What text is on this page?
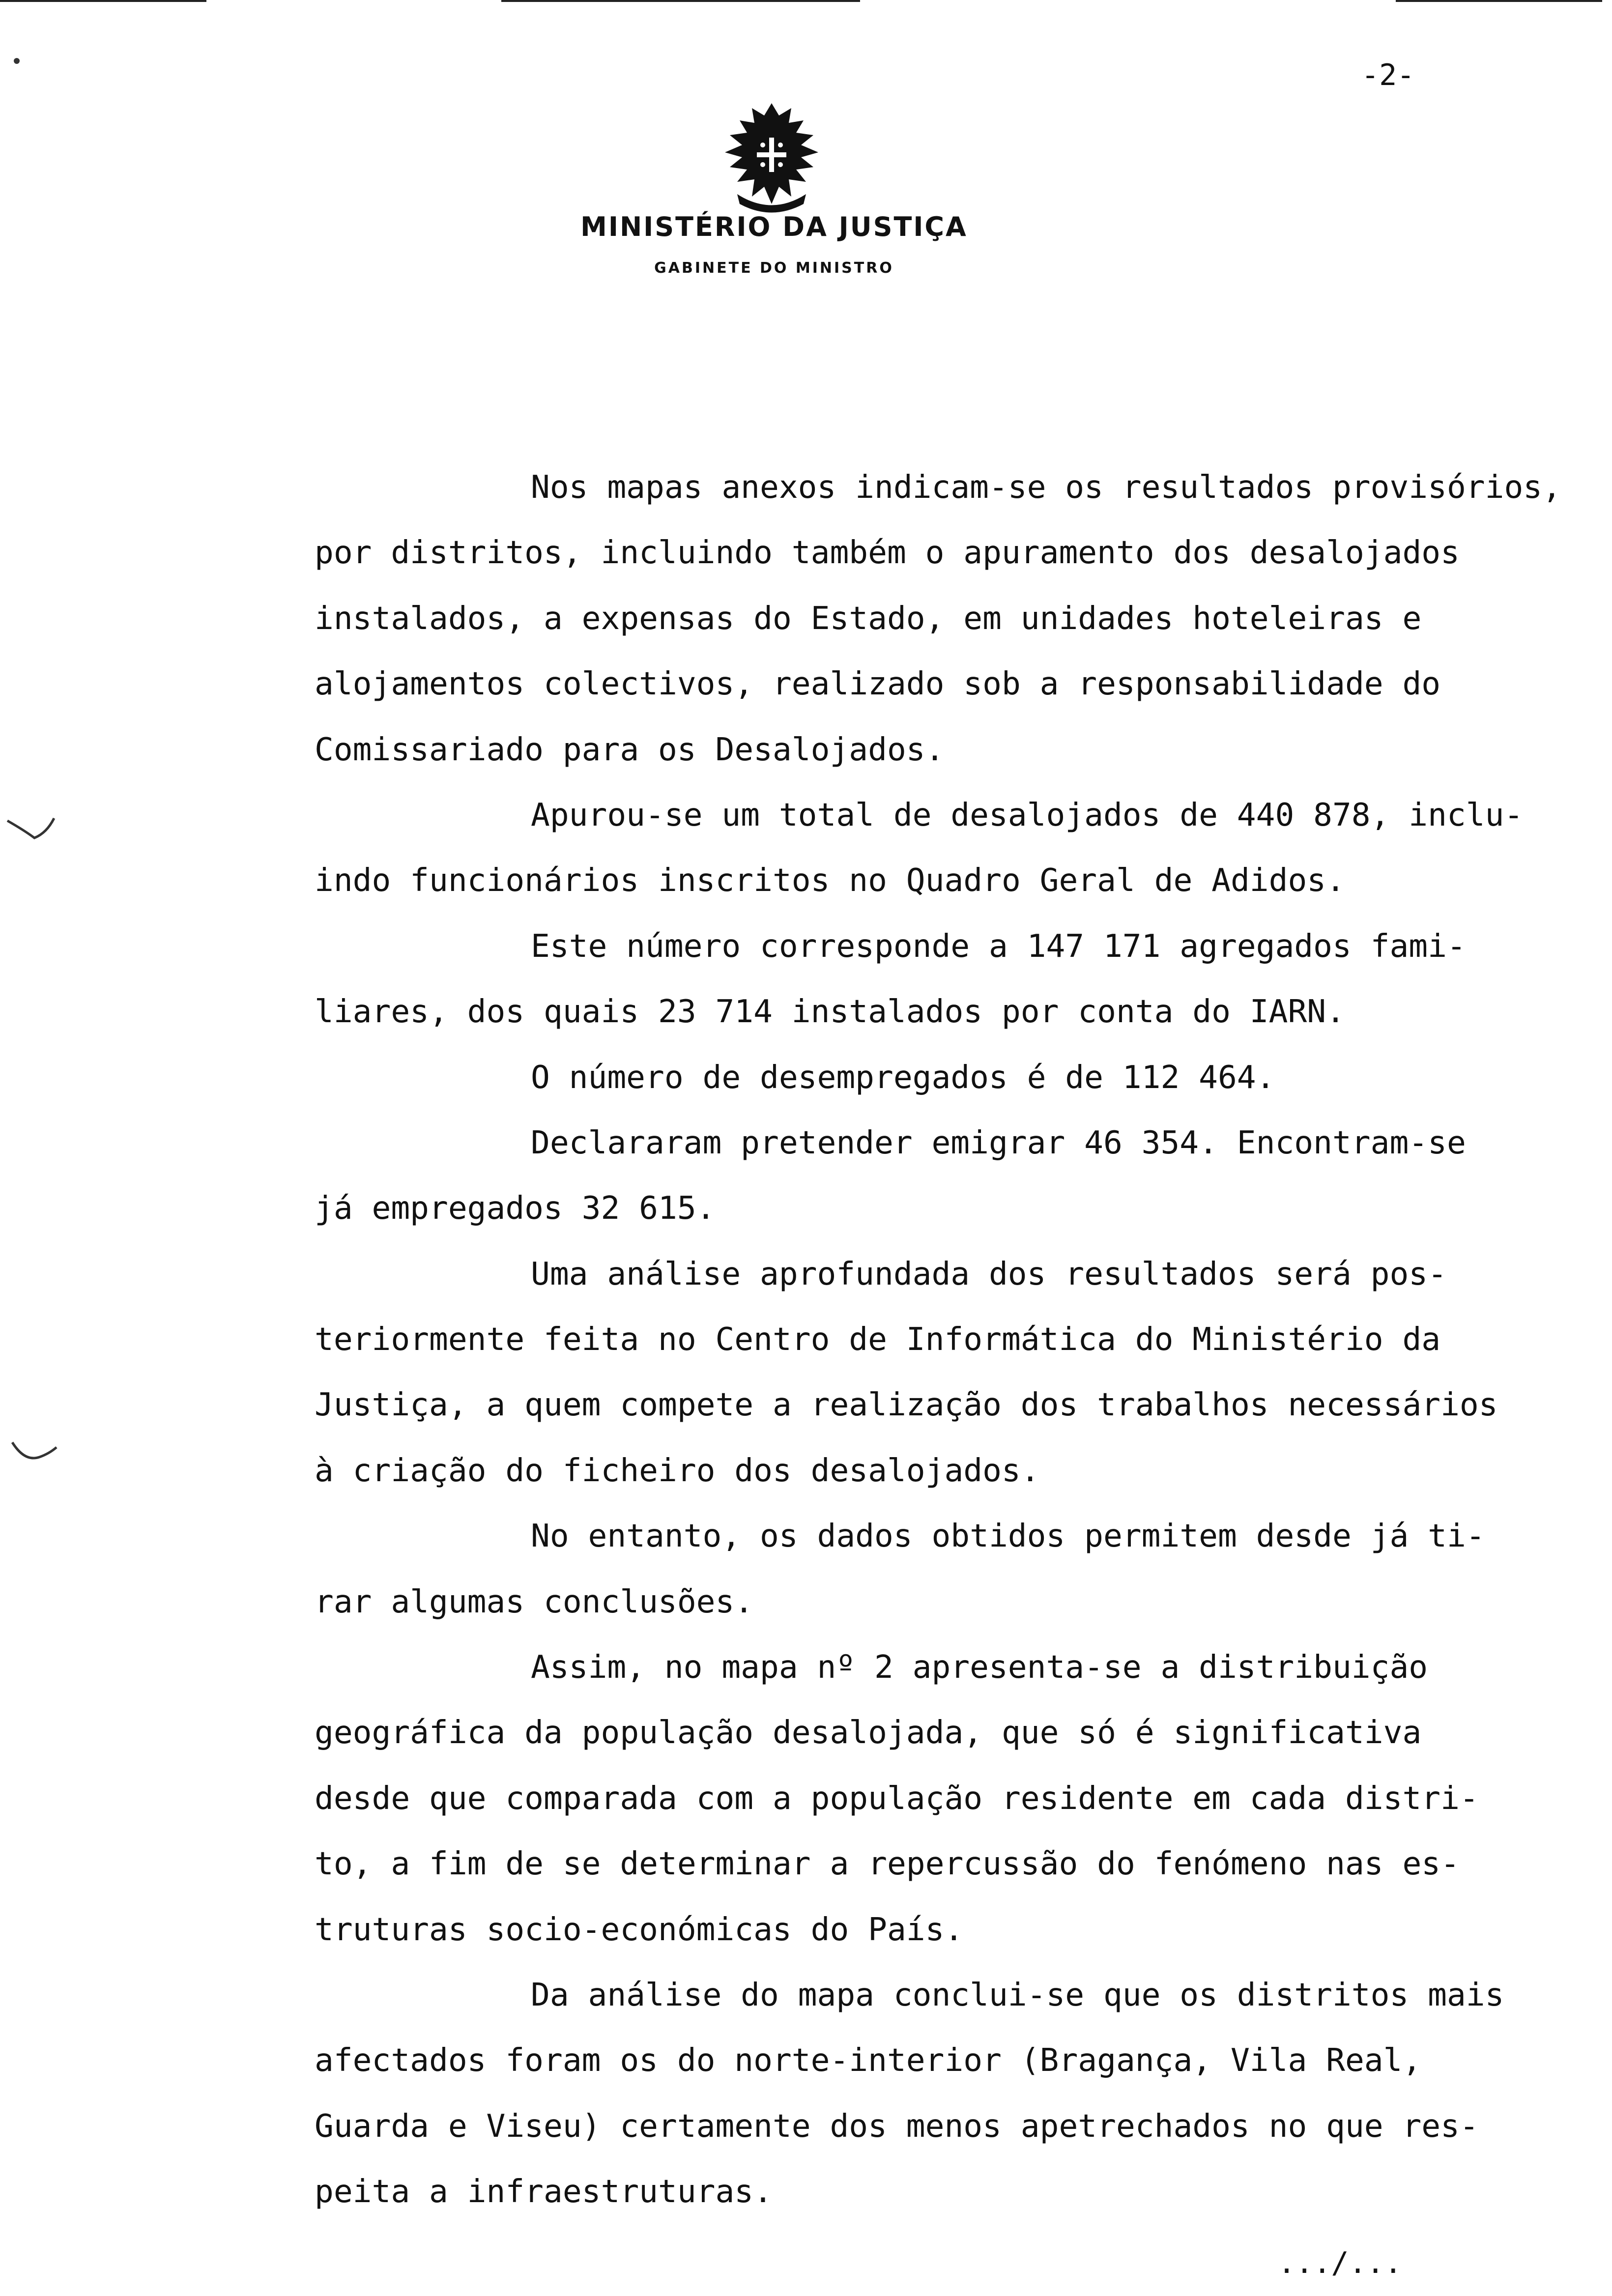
-2-
MINISTÉRIO DA JUSTIÇA
GABINETE DO MINISTRO
Nos mapas anexos indicam-se os resultados provisórios,
por distritos, incluindo também o apuramento dos desalojados
instalados, a expensas do Estado, em unidades hoteleiras e
alojamentos colectivos, realizado sob a responsabilidade do
Comissariado para os Desalojados.
Apurou-se um total de desalojados de 440 878, inclu-
indo funcionários inscritos no Quadro Geral de Adidos.
Este número corresponde a 147 171 agregados fami-
liares, dos quais 23 714 instalados por conta do IARN.
O número de desempregados é de 112 464.
Declararam pretender emigrar 46 354. Encontram-se
já empregados 32 615.
Uma análise aprofundada dos resultados será pos-
teriormente feita no Centro de Informática do Ministério da
Justiça, a quem compete a realização dos trabalhos necessários
à criação do ficheiro dos desalojados.
No entanto, os dados obtidos permitem desde já ti-
rar algumas conclusões.
Assim, no mapa nº 2 apresenta-se a distribuição
geográfica da população desalojada, que só é significativa
desde que comparada com a população residente em cada distri-
to, a fim de se determinar a repercussão do fenómeno nas es-
truturas socio-económicas do País.
Da análise do mapa conclui-se que os distritos mais
afectados foram os do norte-interior (Bragança, Vila Real,
Guarda e Viseu) certamente dos menos apetrechados no que res-
peita a infraestruturas.
.../...
